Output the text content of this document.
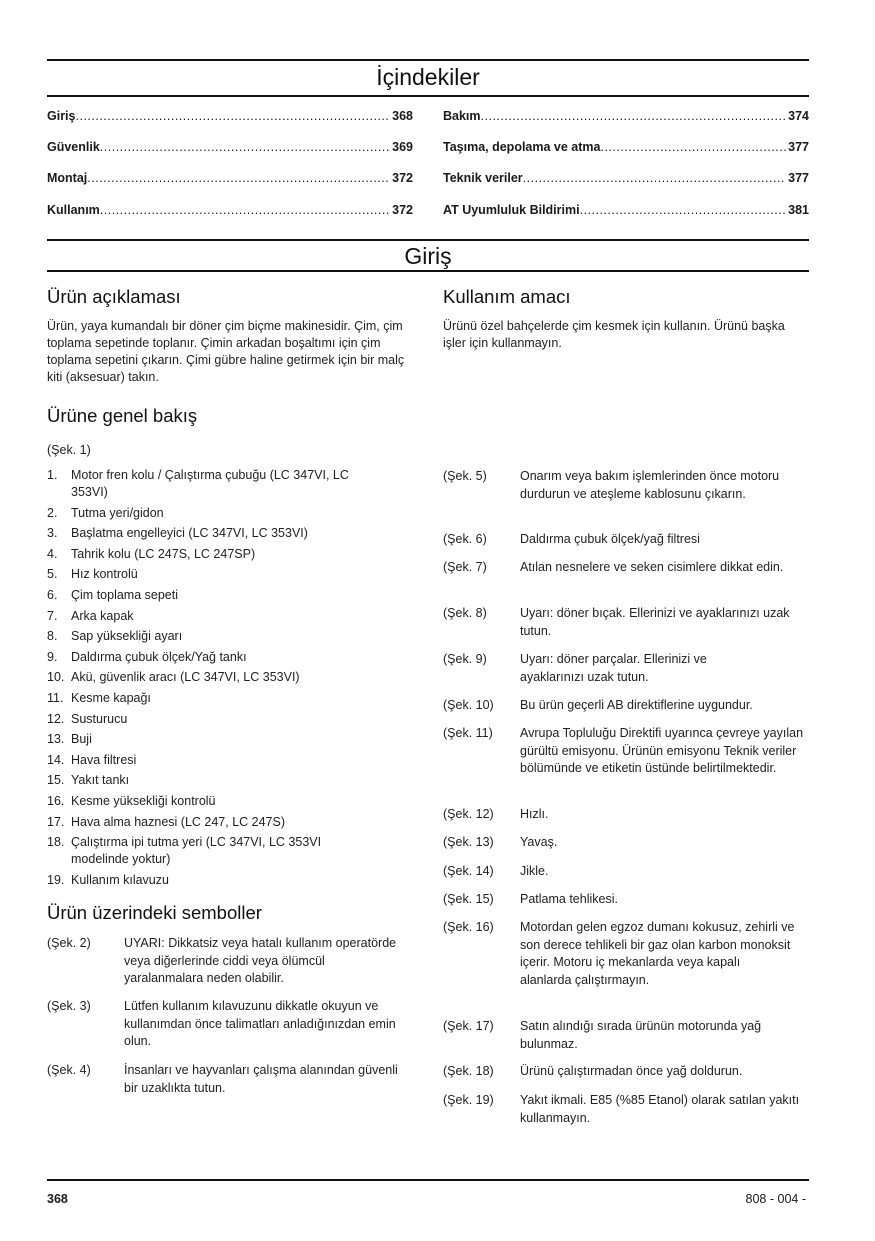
İçindekiler
Giriş .....	368
Güvenlik .....	369
Montaj .....	372
Kullanım .....	372
Bakım .....	374
Taşıma, depolama ve atma .....	377
Teknik veriler .....	377
AT Uyumluluk Bildirimi .....	381
Giriş
Ürün açıklaması

Ürün, yaya kumandalı bir döner çim biçme makinesidir. Çim, çim toplama sepetinde toplanır. Çimin arkadan boşaltımı için çim toplama sepetini çıkarın. Çimi gübre haline getirmek için bir malç kiti (aksesuar) takın.

Kullanım amacı

Ürünü özel bahçelerde çim kesmek için kullanın. Ürünü başka işler için kullanmayın.

Ürüne genel bakış

(Şek. 1)

1.	Motor fren kolu / Çalıştırma çubuğu (LC 347VI, LC 353VI)
2.	Tutma yeri/gidon
3.	Başlatma engelleyici (LC 347VI, LC 353VI)
4.	Tahrik kolu (LC 247S, LC 247SP)
5.	Hız kontrolü
6.	Çim toplama sepeti
7.	Arka kapak
8.	Sap yüksekliği ayarı
9.	Daldırma çubuk ölçek/Yağ tankı
10. Akü, güvenlik aracı (LC 347VI, LC 353VI)
11. Kesme kapağı
12. Susturucu
13. Buji
14. Hava filtresi
15. Yakıt tankı
16. Kesme yüksekliği kontrolü
17. Hava alma haznesi (LC 247, LC 247S)
18. Çalıştırma ipi tutma yeri (LC 347VI, LC 353VI modelinde yoktur)
19. Kullanım kılavuzu
Ürün üzerindeki semboller
(Şek. 2)	UYARI: Dikkatsiz veya hatalı kullanım operatörde veya diğerlerinde ciddi veya ölümcül yaralanmalara neden olabilir.
(Şek. 3)	Lütfen kullanım kılavuzunu dikkatle okuyun ve kullanımdan önce talimatları anladığınızdan emin olun.
(Şek. 4)	İnsanları ve hayvanları çalışma alanından güvenli bir uzaklıkta tutun.
(Şek. 5)	Onarım veya bakım işlemlerinden önce motoru durdurun ve ateşleme kablosunu çıkarın.
(Şek. 6)	Daldırma çubuk ölçek/yağ filtresi
(Şek. 7)	Atılan nesnelere ve seken cisimlere dikkat edin.
(Şek. 8)	Uyarı: döner bıçak. Ellerinizi ve ayaklarınızı uzak tutun.
(Şek. 9)	Uyarı: döner parçalar. Ellerinizi ve ayaklarınızı uzak tutun.
(Şek. 10)	Bu ürün geçerli AB direktiflerine uygundur.
(Şek. 11)	Avrupa Topluluğu Direktifi uyarınca çevreye yayılan gürültü emisyonu. Ürünün emisyonu Teknik veriler bölümünde ve etiketin üstünde belirtilmektedir.
(Şek. 12)	Hızlı.
(Şek. 13)	Yavaş.
(Şek. 14)	Jikle.
(Şek. 15)	Patlama tehlikesi.
(Şek. 16)	Motordan gelen egzoz dumanı kokusuz, zehirli ve son derece tehlikeli bir gaz olan karbon monoksit içerir. Motoru iç mekanlarda veya kapalı alanlarda çalıştırmayın.
(Şek. 17)	Satın alındığı sırada ürünün motorunda yağ bulunmaz.
(Şek. 18)	Ürünü çalıştırmadan önce yağ doldurun.
(Şek. 19)	Yakıt ikmali. E85 (%85 Etanol) olarak satılan yakıtı kullanmayın.
368	808 - 004 -
